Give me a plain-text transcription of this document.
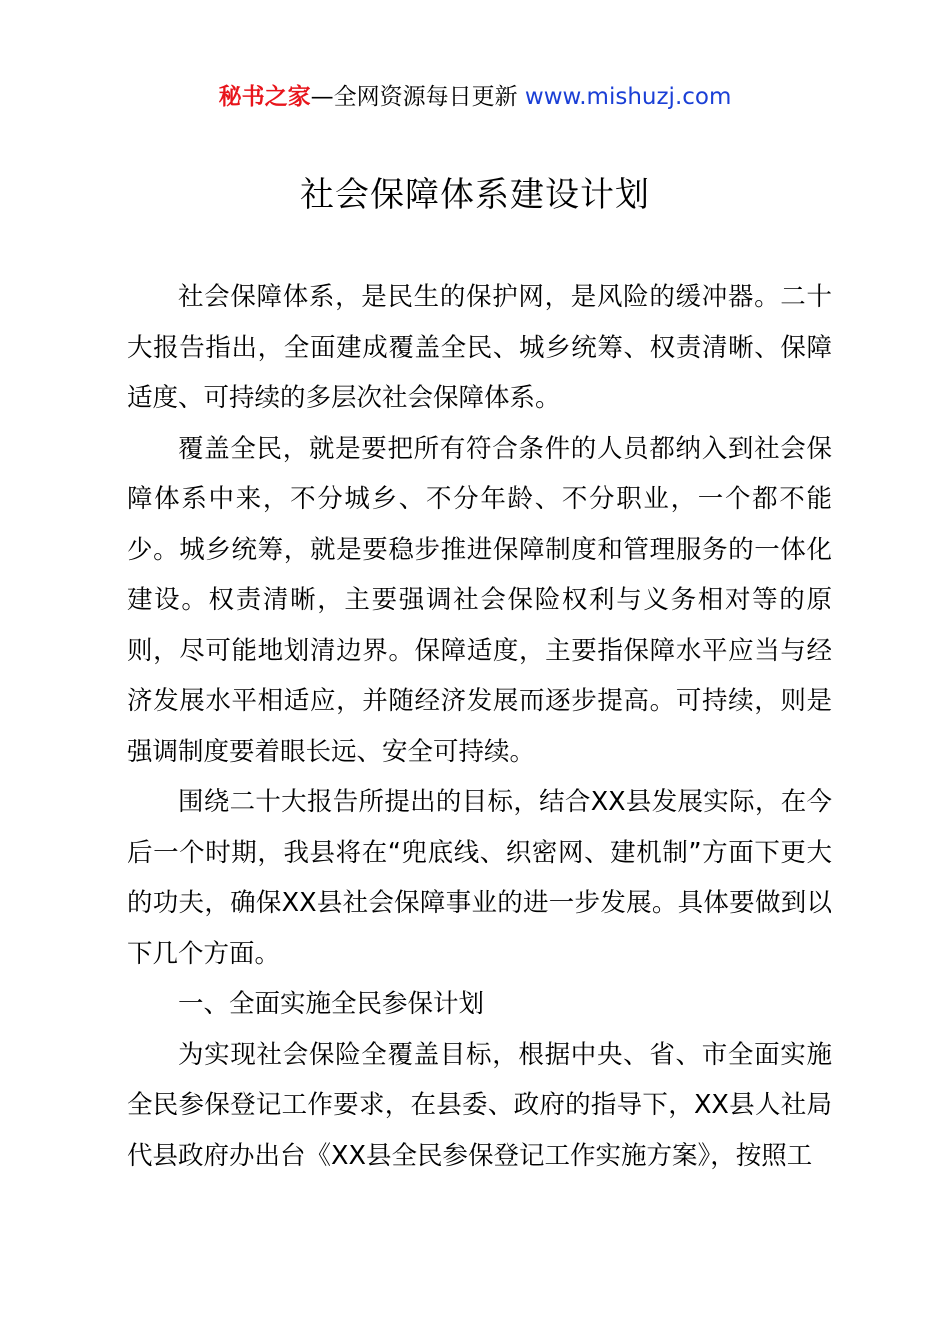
秘书之家—全网资源每日更新 www.mishuzj.com
社会保障体系建设计划

社会保障体系，是民生的保护网，是风险的缓冲器。二十大报告指出，全面建成覆盖全民、城乡统筹、权责清晰、保障适度、可持续的多层次社会保障体系。

覆盖全民，就是要把所有符合条件的人员都纳入到社会保障体系中来，不分城乡、不分年龄、不分职业，一个都不能少。城乡统筹，就是要稳步推进保障制度和管理服务的一体化建设。权责清晰，主要强调社会保险权利与义务相对等的原则，尽可能地划清边界。保障适度，主要指保障水平应当与经济发展水平相适应，并随经济发展而逐步提高。可持续，则是强调制度要着眼长远、安全可持续。

围绕二十大报告所提出的目标，结合XX县发展实际，在今后一个时期，我县将在“兜底线、织密网、建机制”方面下更大的功夫，确保XX县社会保障事业的进一步发展。具体要做到以下几个方面。

一、全面实施全民参保计划

为实现社会保险全覆盖目标，根据中央、省、市全面实施全民参保登记工作要求，在县委、政府的指导下，XX县人社局代县政府办出台《XX县全民参保登记工作实施方案》，按照工
